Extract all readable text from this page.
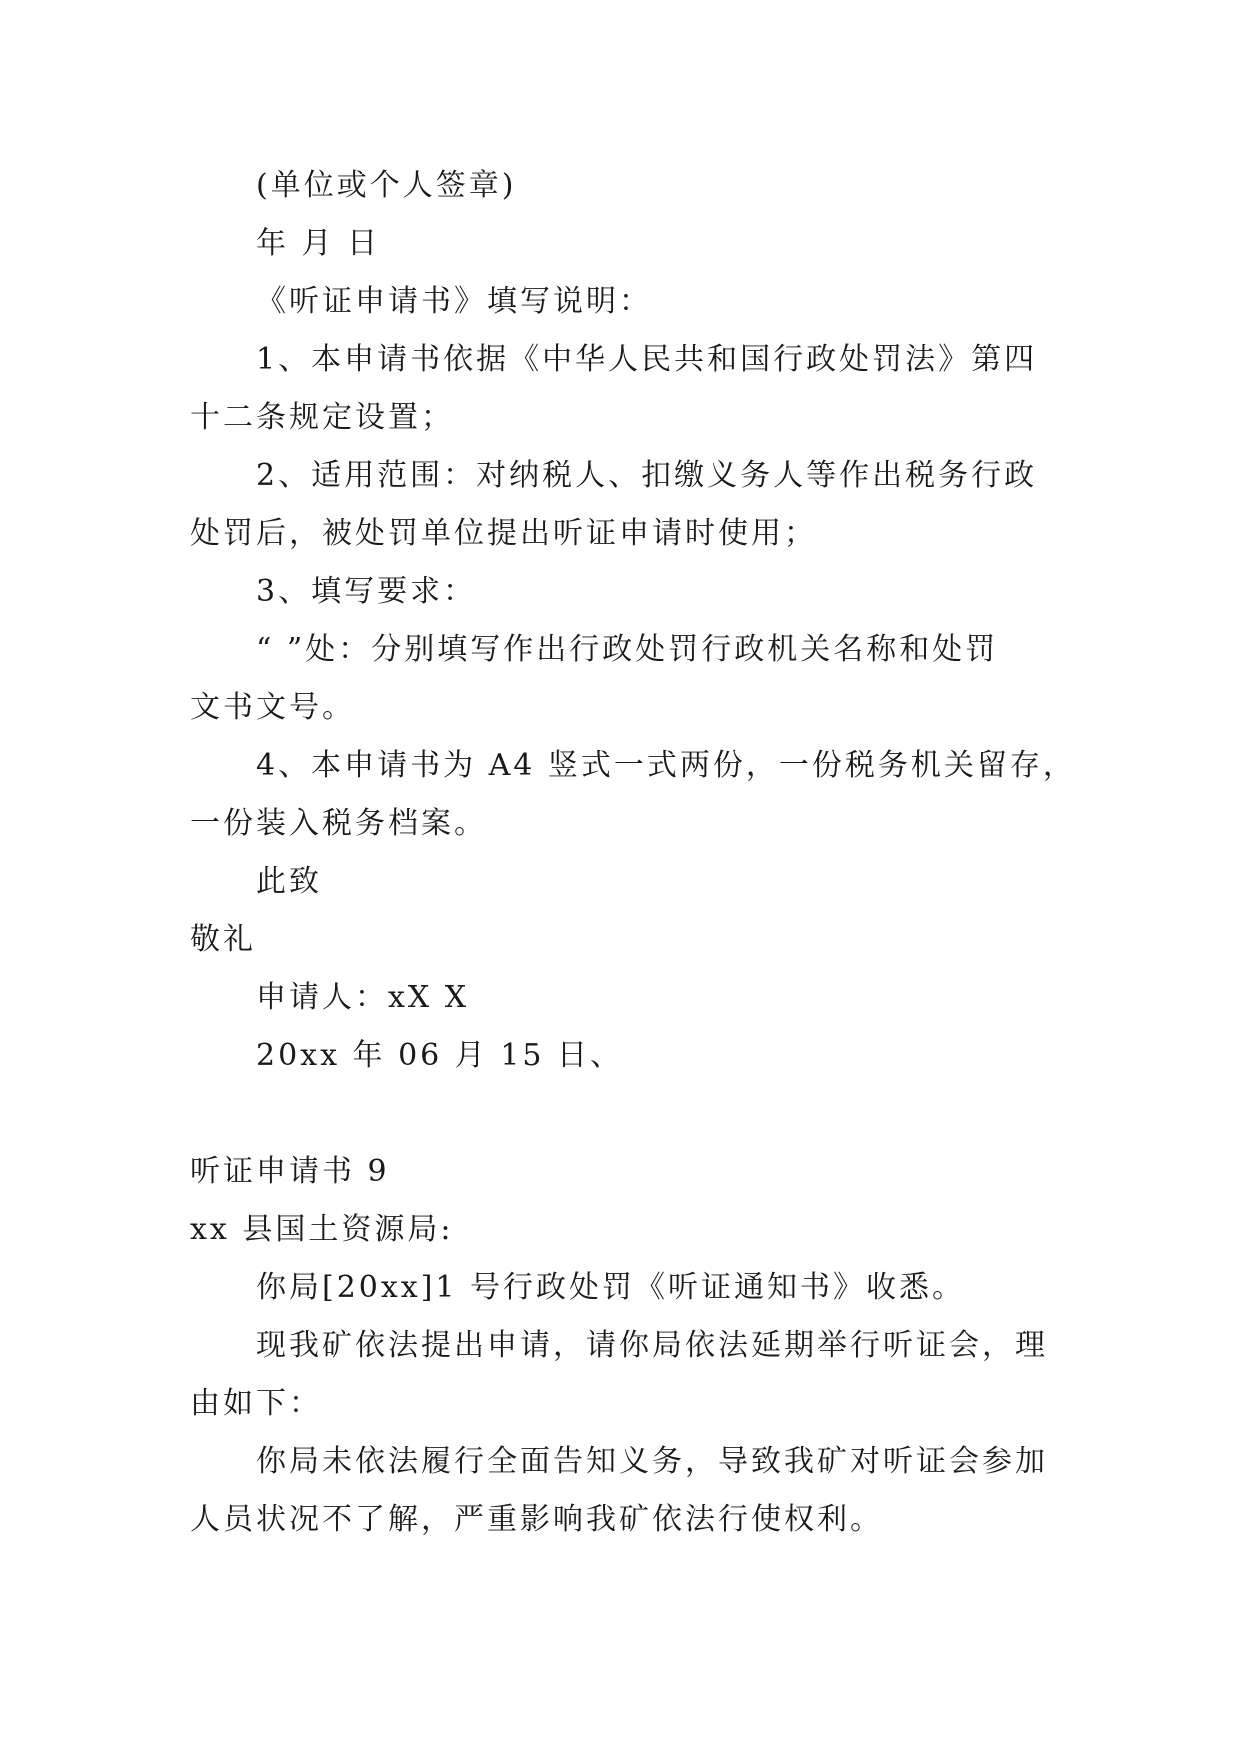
(单位或个人签章)
年 月 日
《听证申请书》填写说明：
1、本申请书依据《中华人民共和国行政处罚法》第四
十二条规定设置；
2、适用范围：对纳税人、扣缴义务人等作出税务行政
处罚后，被处罚单位提出听证申请时使用；
3、填写要求：
“ ”处：分别填写作出行政处罚行政机关名称和处罚
文书文号。
4、本申请书为 A4 竖式一式两份，一份税务机关留存，
一份装入税务档案。
此致
敬礼
申请人：xX X
20xx 年 06 月 15 日、
听证申请书 9
xx 县国土资源局:
你局[20xx]1 号行政处罚《听证通知书》收悉。
现我矿依法提出申请，请你局依法延期举行听证会，理
由如下：
你局未依法履行全面告知义务，导致我矿对听证会参加
人员状况不了解，严重影响我矿依法行使权利。
